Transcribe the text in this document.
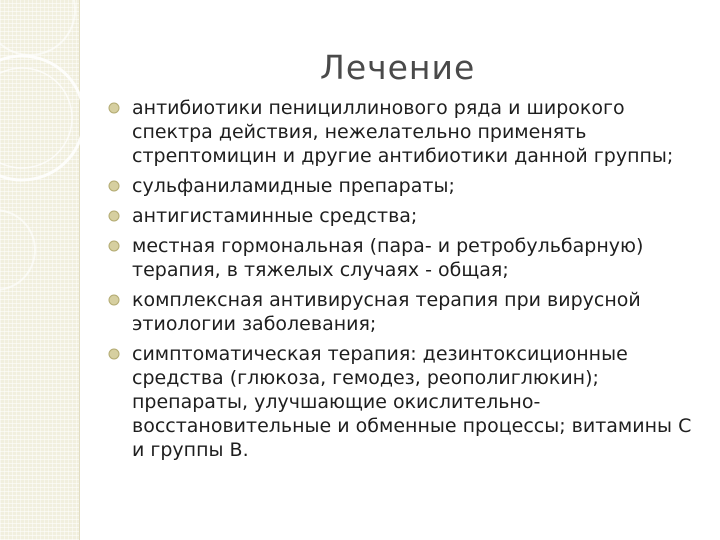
Лечение
антибиотики пенициллинового ряда и широкого спектра действия, нежелательно применять стрептомицин и другие антибиотики данной группы;
сульфаниламидные препараты;
антигистаминные средства;
местная гормональная (пара- и ретробульбарную) терапия, в тяжелых случаях - общая;
комплексная антивирусная терапия при вирусной этиологии заболевания;
симптоматическая терапия: дезинтоксиционные средства (глюкоза, гемодез, реополиглюкин); препараты, улучшающие окислительно-восстановительные и обменные процессы; витамины С и группы В.
